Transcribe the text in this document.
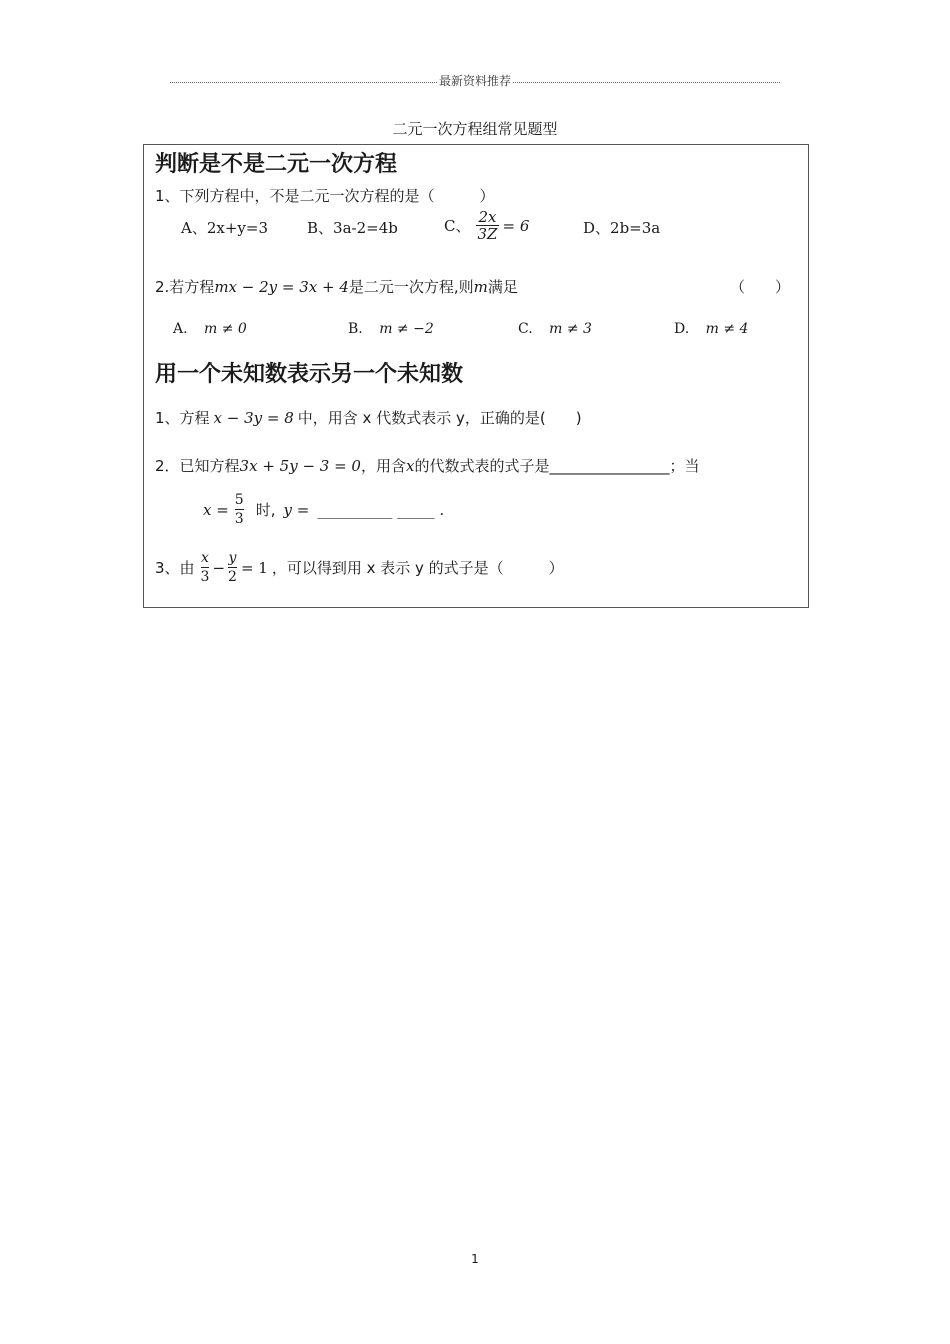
最新资料推荐
二元一次方程组常见题型
判断是不是二元一次方程
1、下列方程中，不是二元一次方程的是（　　　）
A、2x+y=3	B、3a-2=4b	C、 $\frac{2x}{3Z} = 6$	D、2b=3a
2.若方程mx − 2y = 3x + 4是二元一次方程,则m满足	（　　）
A. m ≠ 0	B. m ≠ −2	C. m ≠ 3	D. m ≠ 4
用一个未知数表示另一个未知数
1、方程 x − 3y = 8 中，用含 x 代数式表示 y，正确的是(　　)
2．已知方程3x + 5y − 3 = 0，用含x的代数式表的式子是________________；当
$x = \frac{5}{3}$ 时, y = __________ _____ .
3、由 $\frac{x}{3} - \frac{y}{2} = 1$ ，可以得到用 x 表示 y 的式子是（　　　）
1
